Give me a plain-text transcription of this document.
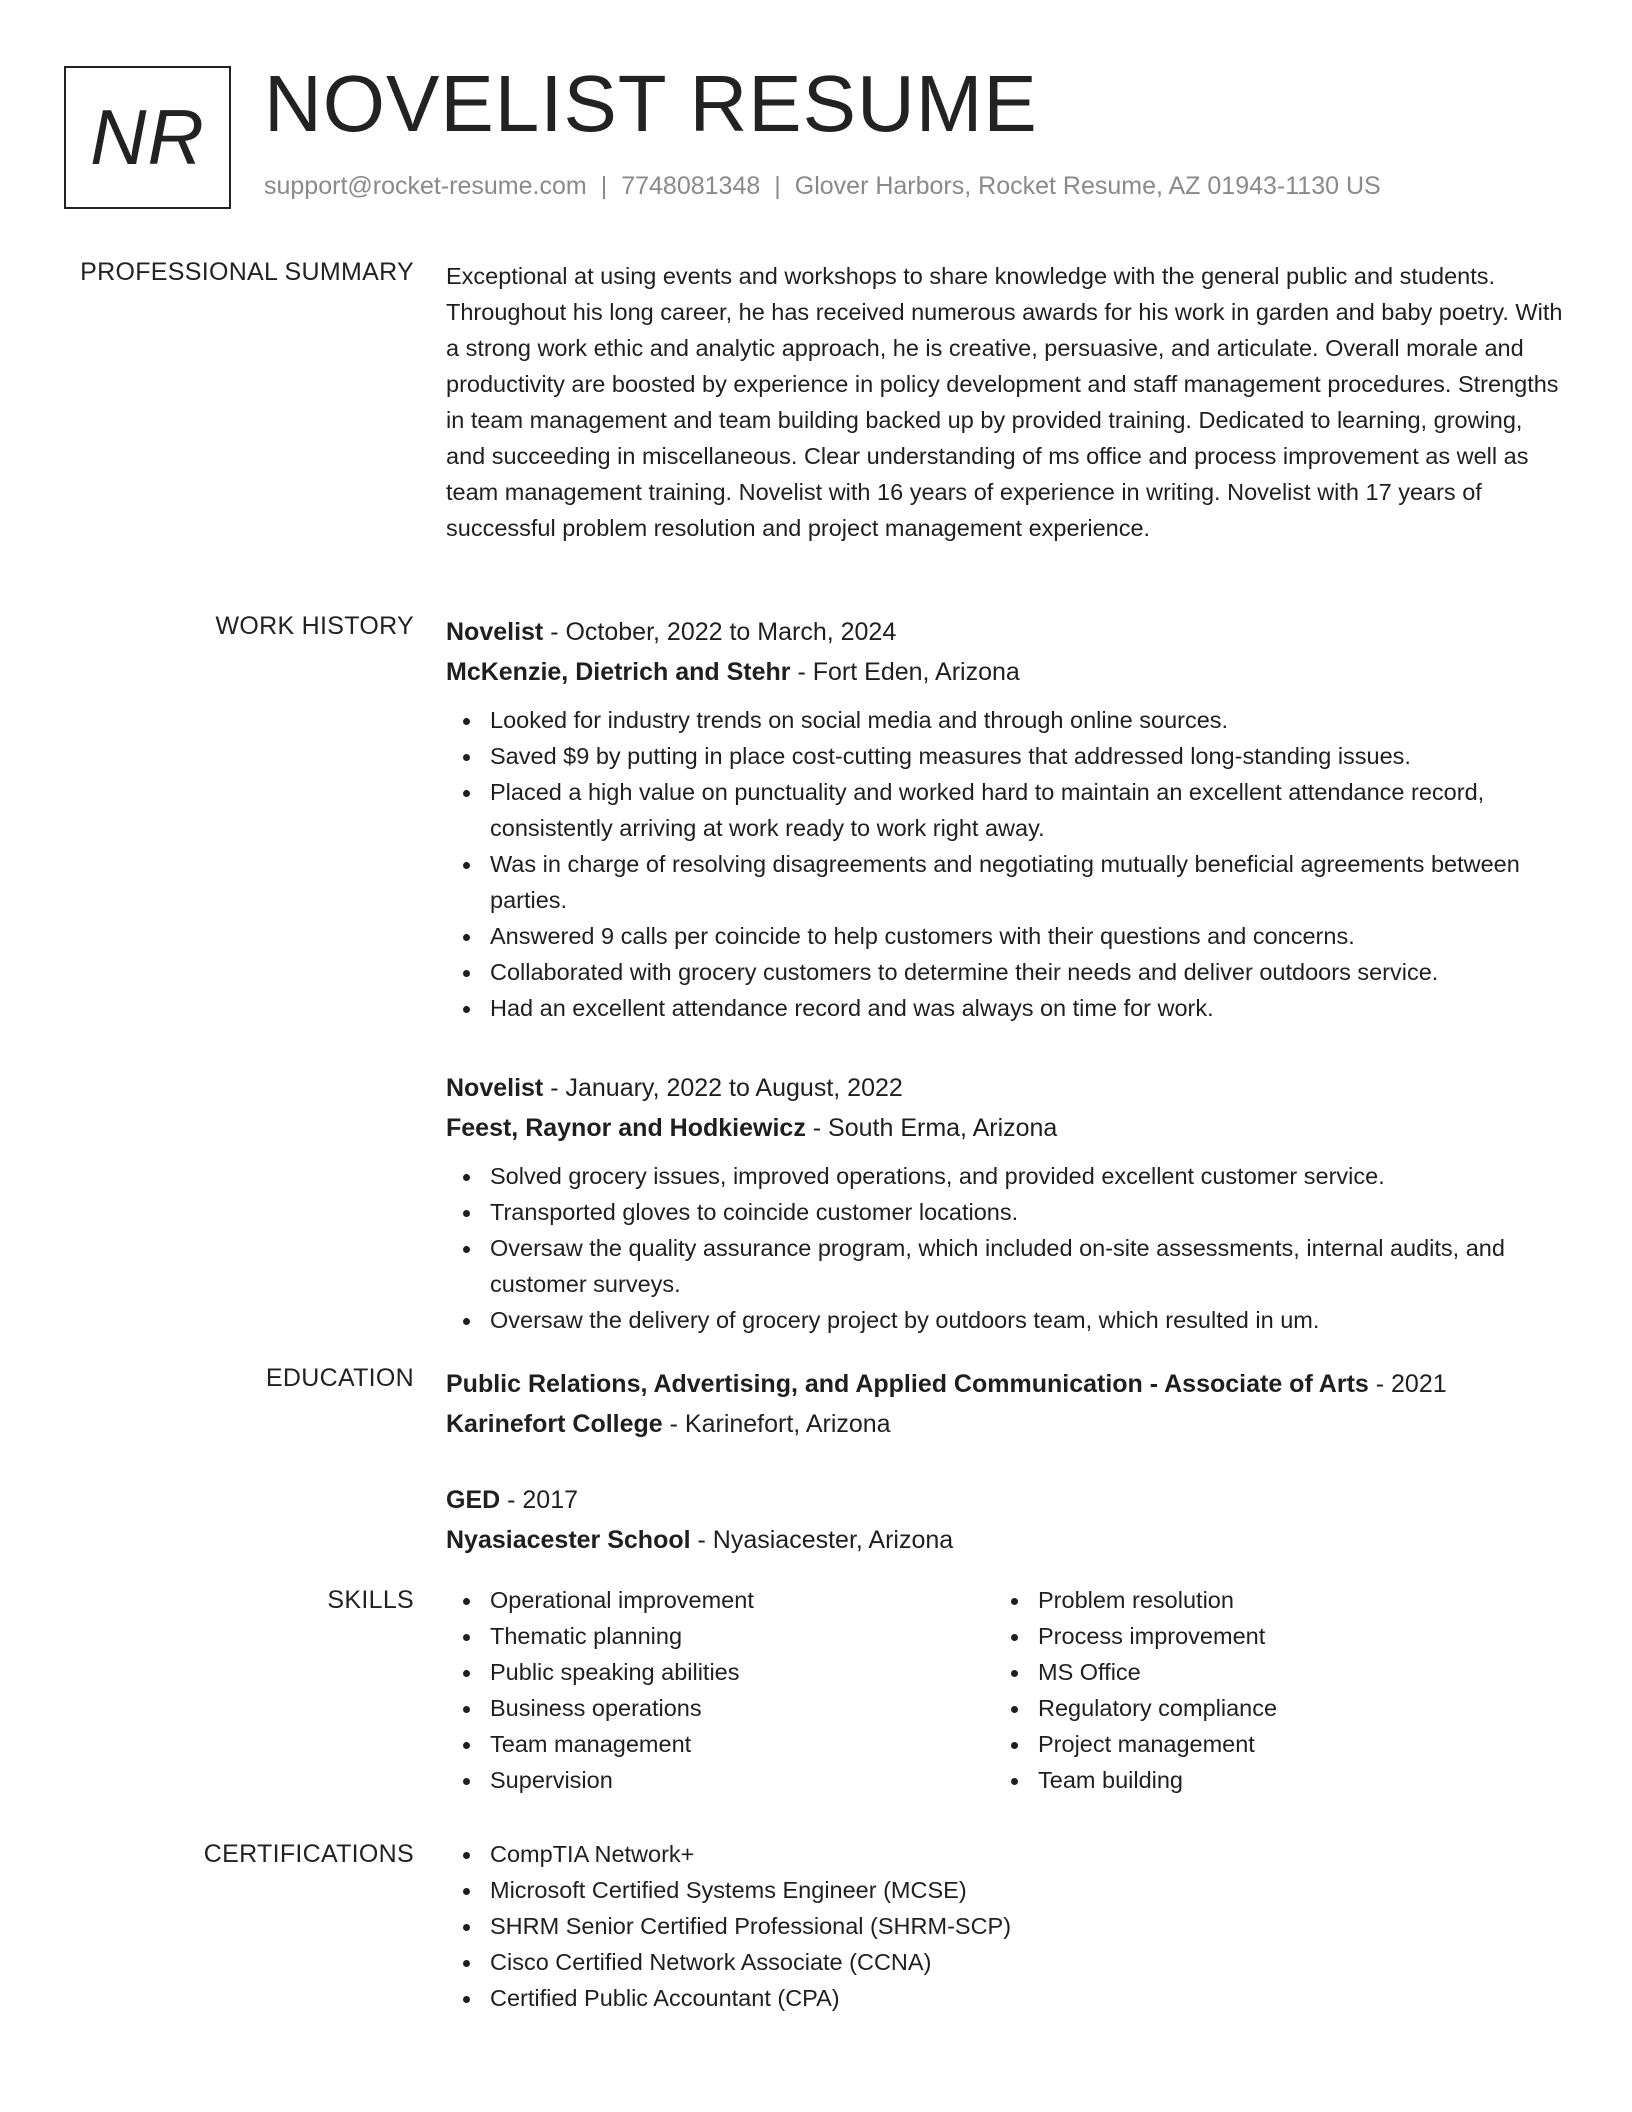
NR NOVELIST RESUME
support@rocket-resume.com | 7748081348 | Glover Harbors, Rocket Resume, AZ 01943-1130 US
PROFESSIONAL SUMMARY Exceptional at using events and workshops to share knowledge with the general public and students. Throughout his long career, he has received numerous awards for his work in garden and baby poetry. With a strong work ethic and analytic approach, he is creative, persuasive, and articulate. Overall morale and productivity are boosted by experience in policy development and staff management procedures. Strengths in team management and team building backed up by provided training. Dedicated to learning, growing, and succeeding in miscellaneous. Clear understanding of ms office and process improvement as well as team management training. Novelist with 16 years of experience in writing. Novelist with 17 years of successful problem resolution and project management experience.
WORK HISTORY Novelist - October, 2022 to March, 2024
McKenzie, Dietrich and Stehr - Fort Eden, Arizona
Looked for industry trends on social media and through online sources.
Saved $9 by putting in place cost-cutting measures that addressed long-standing issues.
Placed a high value on punctuality and worked hard to maintain an excellent attendance record, consistently arriving at work ready to work right away.
Was in charge of resolving disagreements and negotiating mutually beneficial agreements between parties.
Answered 9 calls per coincide to help customers with their questions and concerns.
Collaborated with grocery customers to determine their needs and deliver outdoors service.
Had an excellent attendance record and was always on time for work.
Novelist - January, 2022 to August, 2022
Feest, Raynor and Hodkiewicz - South Erma, Arizona
Solved grocery issues, improved operations, and provided excellent customer service.
Transported gloves to coincide customer locations.
Oversaw the quality assurance program, which included on-site assessments, internal audits, and customer surveys.
Oversaw the delivery of grocery project by outdoors team, which resulted in um.
EDUCATION Public Relations, Advertising, and Applied Communication - Associate of Arts - 2021
Karinefort College - Karinefort, Arizona
GED - 2017
Nyasiacester School - Nyasiacester, Arizona
SKILLS	Operational improvement
Thematic planning
Public speaking abilities
Business operations
Team management
Supervision
Problem resolution
Process improvement
MS Office
Regulatory compliance
Project management
Team building
CERTIFICATIONS	CompTIA Network+
Microsoft Certified Systems Engineer (MCSE)
SHRM Senior Certified Professional (SHRM-SCP)
Cisco Certified Network Associate (CCNA)
Certified Public Accountant (CPA)
